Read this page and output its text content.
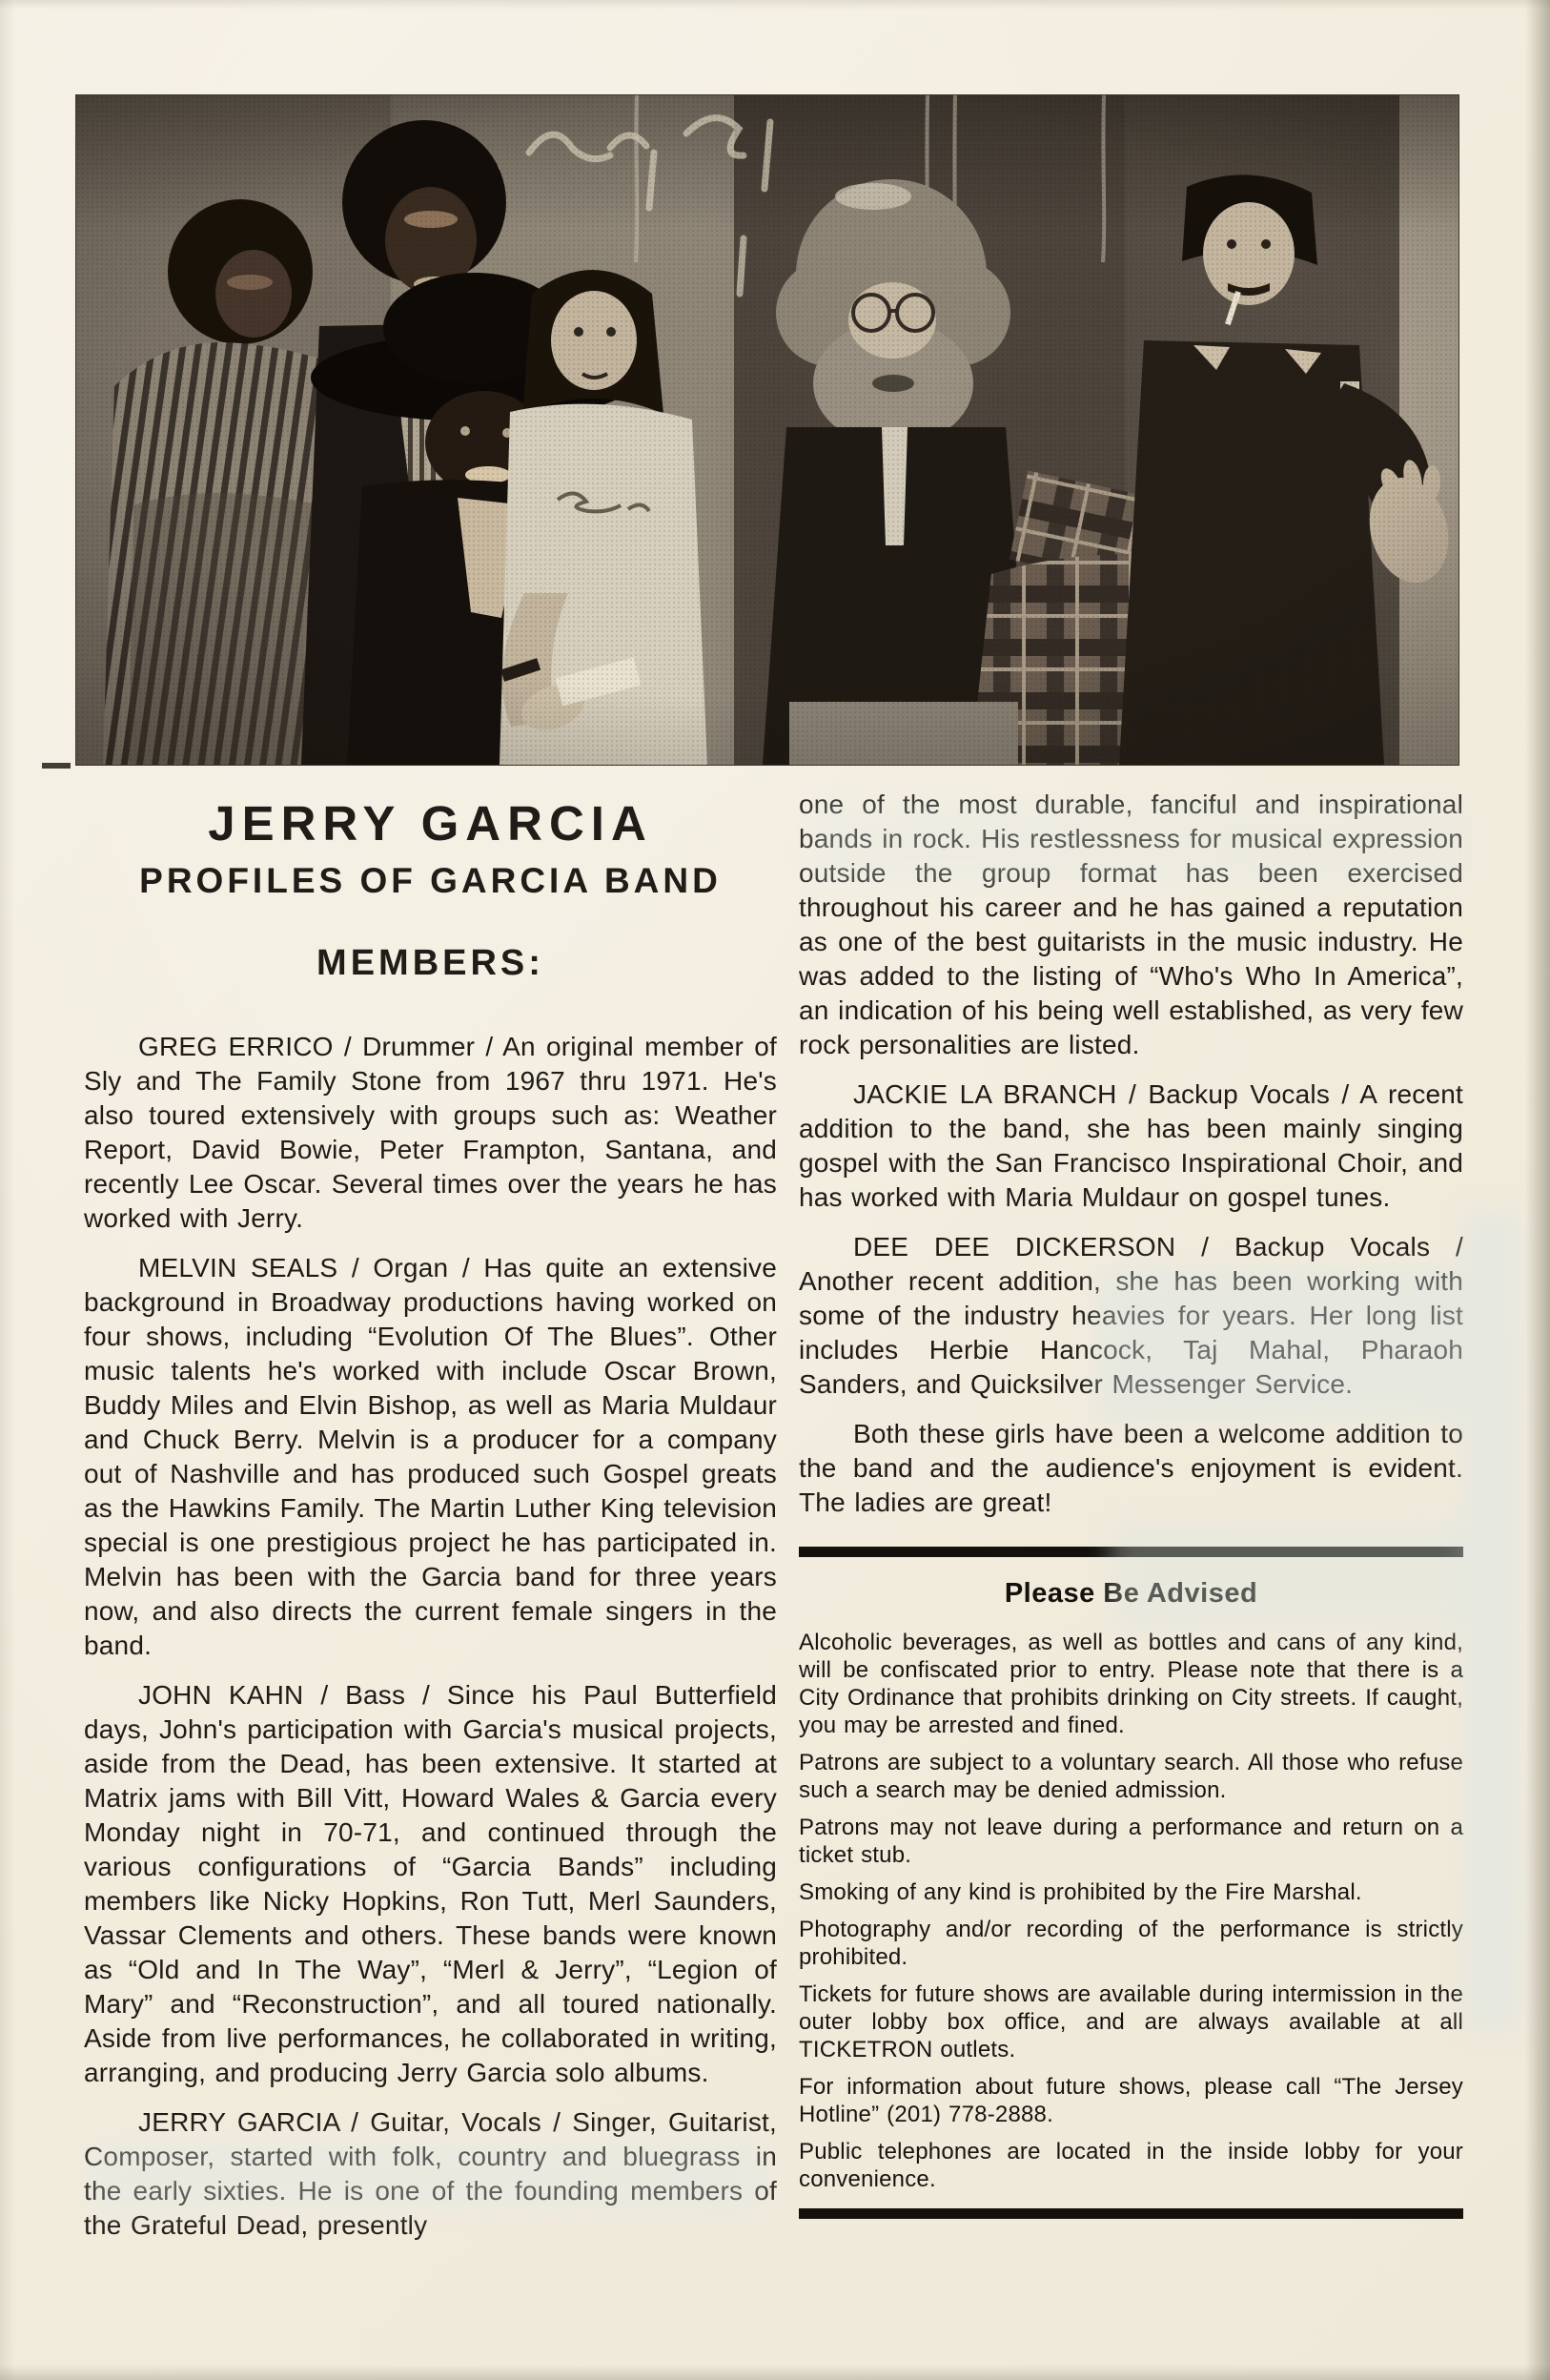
JERRY GARCIA
PROFILES OF GARCIA BAND
MEMBERS:

GREG ERRICO / Drummer / An original member of Sly and The Family Stone from 1967 thru 1971. He's also toured extensively with groups such as: Weather Report, David Bowie, Peter Frampton, Santana, and recently Lee Oscar. Several times over the years he has worked with Jerry.

MELVIN SEALS / Organ / Has quite an extensive background in Broadway productions having worked on four shows, including “Evolution Of The Blues”. Other music talents he's worked with include Oscar Brown, Buddy Miles and Elvin Bishop, as well as Maria Muldaur and Chuck Berry. Melvin is a producer for a company out of Nashville and has produced such Gospel greats as the Hawkins Family. The Martin Luther King television special is one prestigious project he has participated in. Melvin has been with the Garcia band for three years now, and also directs the current female singers in the band.

JOHN KAHN / Bass / Since his Paul Butterfield days, John's participation with Garcia's musical projects, aside from the Dead, has been extensive. It started at Matrix jams with Bill Vitt, Howard Wales & Garcia every Monday night in 70-71, and continued through the various configurations of “Garcia Bands” including members like Nicky Hopkins, Ron Tutt, Merl Saunders, Vassar Clements and others. These bands were known as “Old and In The Way”, “Merl & Jerry”, “Legion of Mary” and “Reconstruction”, and all toured nationally. Aside from live performances, he collaborated in writing, arranging, and producing Jerry Garcia solo albums.

JERRY GARCIA / Guitar, Vocals / Singer, Guitarist, Composer, started with folk, country and bluegrass in the early sixties. He is one of the founding members of the Grateful Dead, presently

one of the most durable, fanciful and inspirational bands in rock. His restlessness for musical expression outside the group format has been exercised throughout his career and he has gained a reputation as one of the best guitarists in the music industry. He was added to the listing of “Who's Who In America”, an indication of his being well established, as very few rock personalities are listed.

JACKIE LA BRANCH / Backup Vocals / A recent addition to the band, she has been mainly singing gospel with the San Francisco Inspirational Choir, and has worked with Maria Muldaur on gospel tunes.

DEE DEE DICKERSON / Backup Vocals / Another recent addition, she has been working with some of the industry heavies for years. Her long list includes Herbie Hancock, Taj Mahal, Pharaoh Sanders, and Quicksilver Messenger Service.

Both these girls have been a welcome addition to the band and the audience's enjoyment is evident. The ladies are great!

Please Be Advised

Alcoholic beverages, as well as bottles and cans of any kind, will be confiscated prior to entry. Please note that there is a City Ordinance that prohibits drinking on City streets. If caught, you may be arrested and fined.

Patrons are subject to a voluntary search. All those who refuse such a search may be denied admission.

Patrons may not leave during a performance and return on a ticket stub.

Smoking of any kind is prohibited by the Fire Marshal.

Photography and/or recording of the performance is strictly prohibited.

Tickets for future shows are available during intermission in the outer lobby box office, and are always available at all TICKETRON outlets.

For information about future shows, please call “The Jersey Hotline” (201) 778-2888.

Public telephones are located in the inside lobby for your convenience.
